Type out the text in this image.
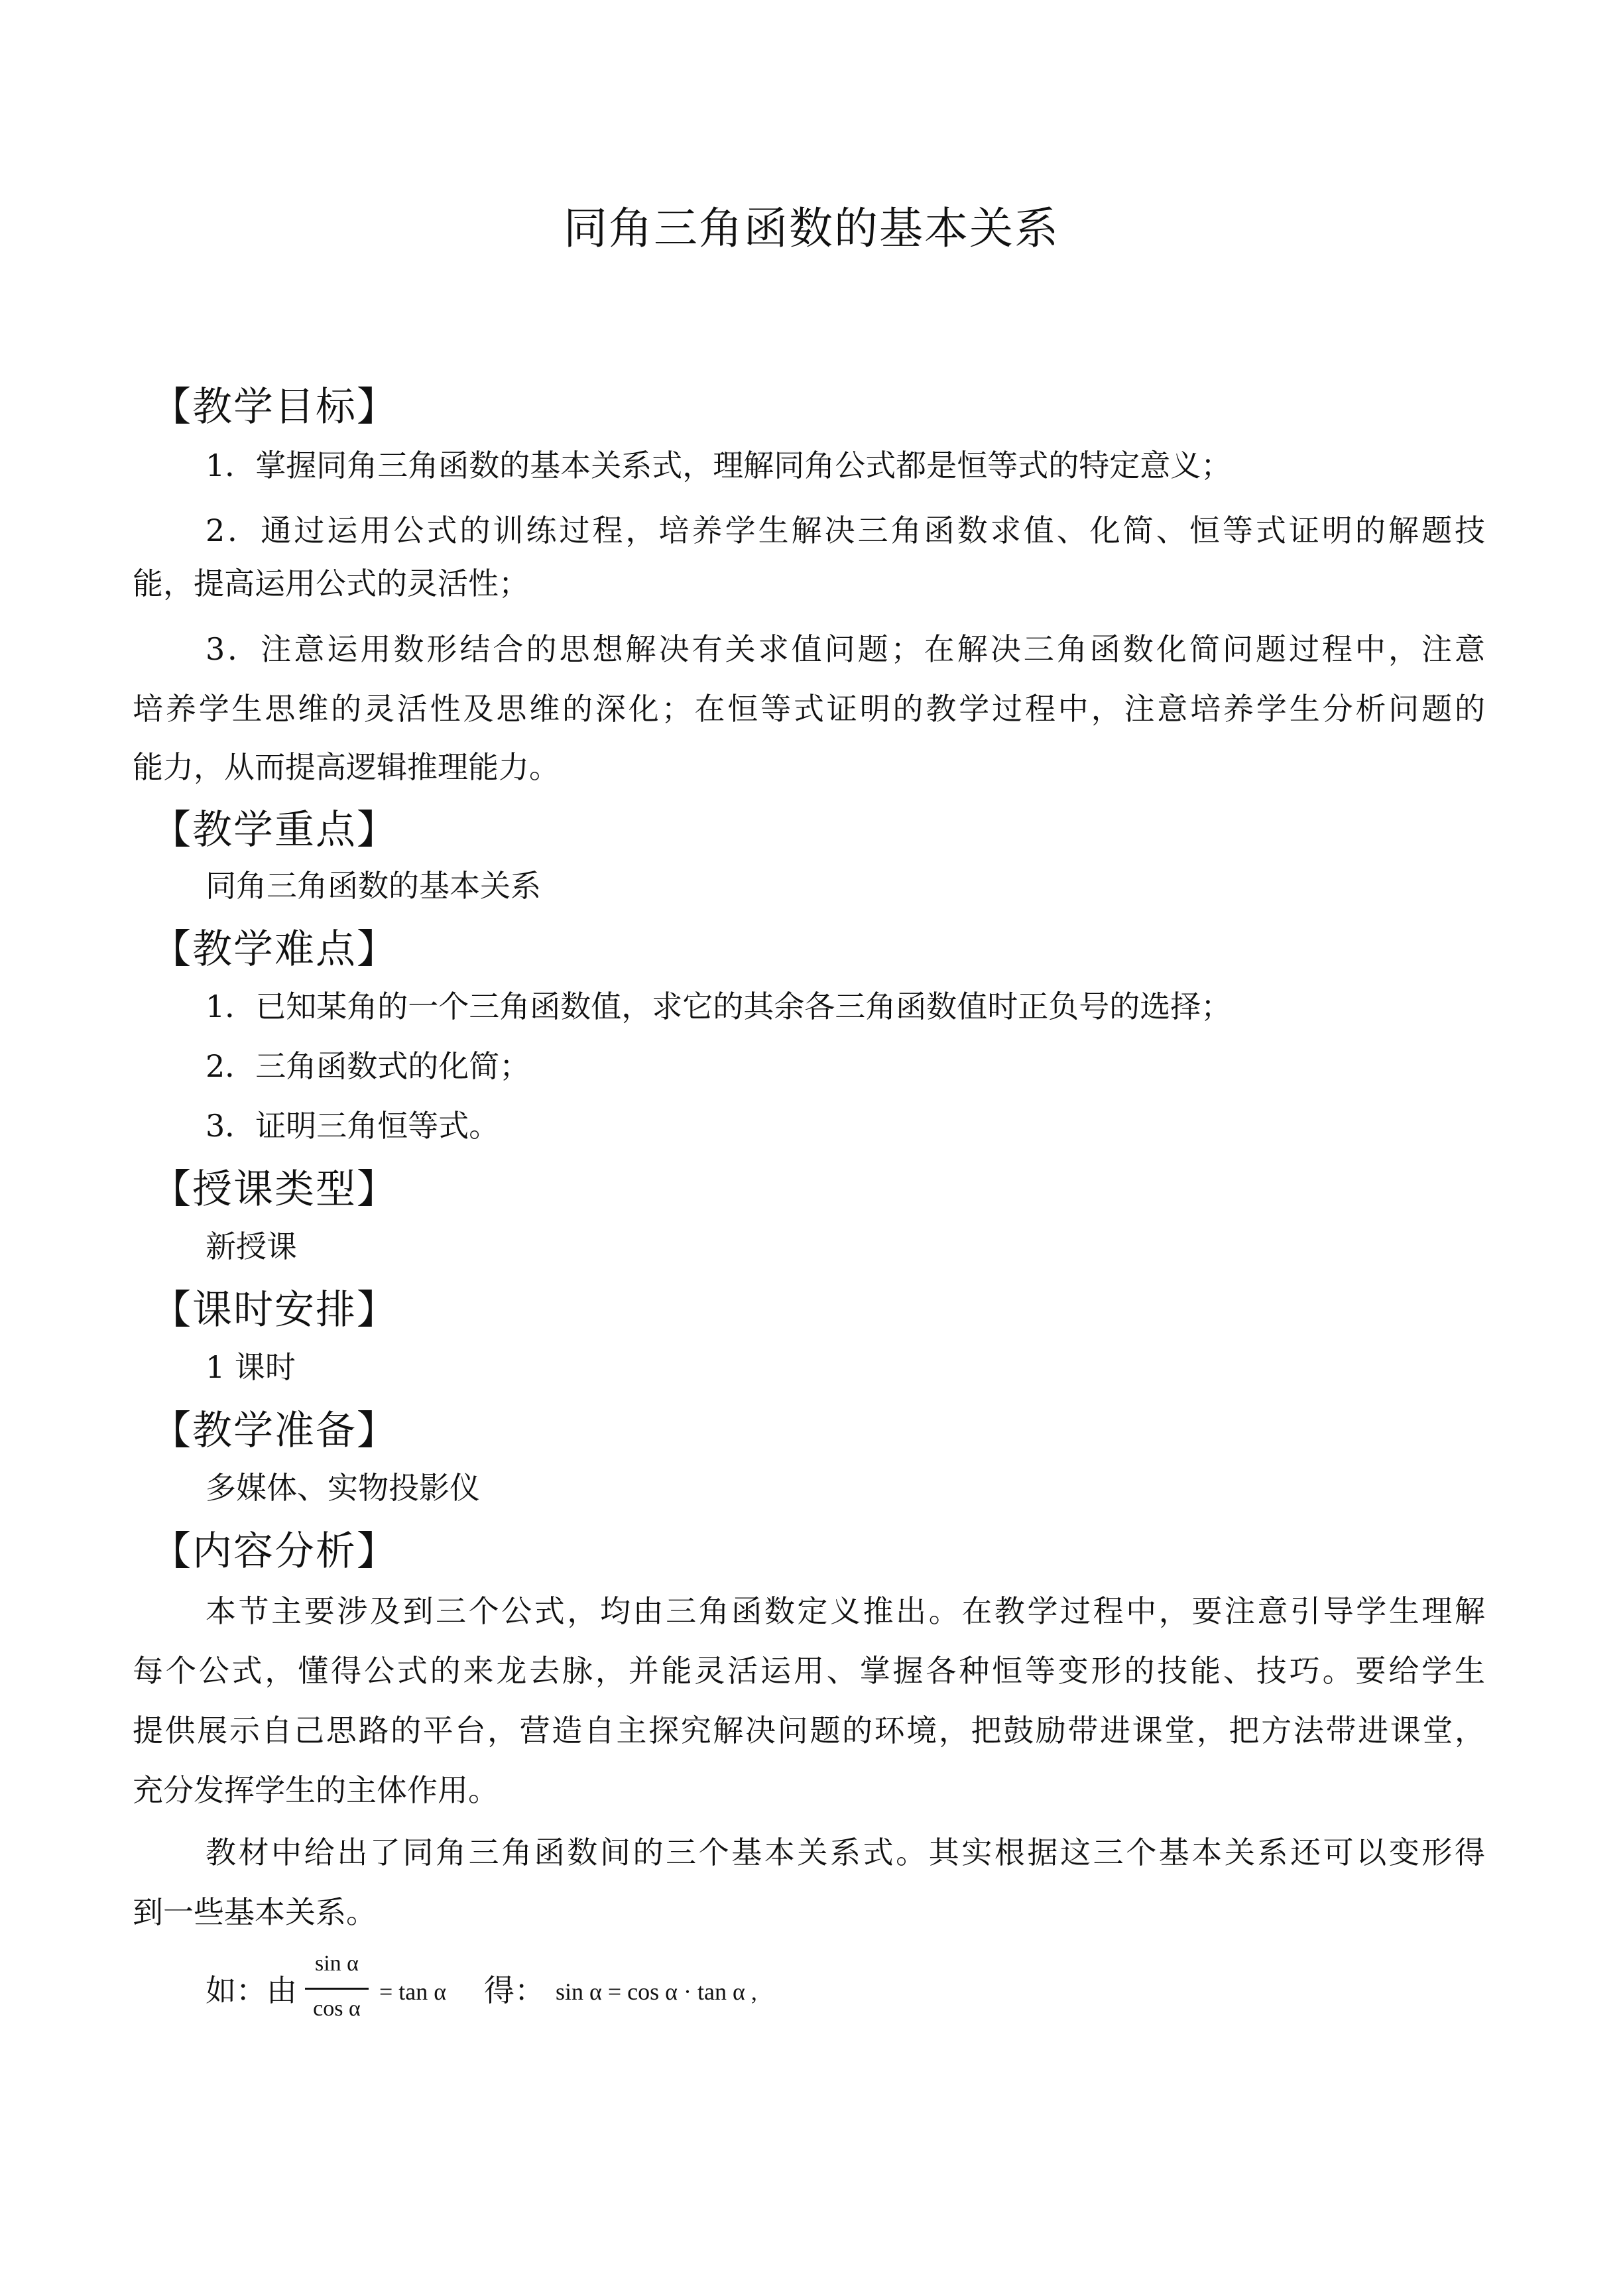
同角三角函数的基本关系
【教学目标】
1．掌握同角三角函数的基本关系式，理解同角公式都是恒等式的特定意义；
2．通过运用公式的训练过程，培养学生解决三角函数求值、化简、恒等式证明的解题技
能，提高运用公式的灵活性；
3．注意运用数形结合的思想解决有关求值问题；在解决三角函数化简问题过程中，注意
培养学生思维的灵活性及思维的深化；在恒等式证明的教学过程中，注意培养学生分析问题的
能力，从而提高逻辑推理能力。
【教学重点】
同角三角函数的基本关系
【教学难点】
1．已知某角的一个三角函数值，求它的其余各三角函数值时正负号的选择；
2．三角函数式的化简；
3．证明三角恒等式。
【授课类型】
新授课
【课时安排】
1 课时
【教学准备】
多媒体、实物投影仪
【内容分析】
本节主要涉及到三个公式，均由三角函数定义推出。在教学过程中，要注意引导学生理解
每个公式，懂得公式的来龙去脉，并能灵活运用、掌握各种恒等变形的技能、技巧。要给学生
提供展示自己思路的平台，营造自主探究解决问题的环境，把鼓励带进课堂，把方法带进课堂，
充分发挥学生的主体作用。
教材中给出了同角三角函数间的三个基本关系式。其实根据这三个基本关系还可以变形得
到一些基本关系。
如：由
sin α
cos α
= tan α 得： sin α = cos α · tan α ,
